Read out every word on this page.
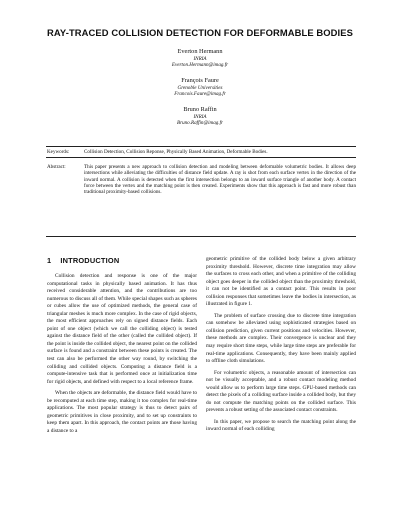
RAY-TRACED COLLISION DETECTION FOR DEFORMABLE BODIES
Everton Hermann
INRIA
Everton.Hermann@imag.fr
François Faure
Grenoble Universities
Francois.Faure@imag.fr
Bruno Raffin
INRIA
Bruno.Raffin@imag.fr
Keywords:	Collision Detection, Collision Reponse, Physically Based Animation, Deformable Bodies.
Abstract:	This paper presents a new approach to collision detection and modeling between deformable volumetric bodies. It allows deep intersections while alleviating the difficulties of distance field update. A ray is shot from each surface vertex in the direction of the inward normal. A collision is detected when the first intersection belongs to an inward surface triangle of another body. A contact force between the vertex and the matching point is then created. Experiments show that this approach is fast and more robust than traditional proximity-based collisions.
1 INTRODUCTION

Collision detection and response is one of the major computational tasks in physically based animation. It has thus received considerable attention, and the contributions are too numerous to discuss all of them. While special shapes such as spheres or cubes allow the use of optimized methods, the general case of triangular meshes is much more complex. In the case of rigid objects, the most efficient approaches rely on signed distance fields. Each point of one object (which we call the colliding object) is tested against the distance field of the other (called the collided object). If the point is inside the collided object, the nearest point on the collided surface is found and a constraint between these points is created. The test can also be performed the other way round, by switching the colliding and collided objects. Computing a distance field is a compute-intensive task that is performed once at initialization time for rigid objects, and defined with respect to a local reference frame.

When the objects are deformable, the distance field would have to be recomputed at each time step, making it too complex for real-time applications. The most popular strategy is thus to detect pairs of geometric primitives in close proximity, and to set up constraints to keep them apart. In this approach, the contact points are those having a distance to a

geometric primitive of the collided body below a given arbitrary proximity threshold. However, discrete time integration may allow the surfaces to cross each other, and when a primitive of the colliding object goes deeper in the collided object than the proximity threshold, it can not be identified as a contact point. This results in poor collision responses that sometimes leave the bodies in intersection, as illustrated in figure 1.

The problem of surface crossing due to discrete time integration can somehow be alleviated using sophisticated strategies based on collision prediction, given current positions and velocities. However, these methods are complex. Their convergence is unclear and they may require short time steps, while large time steps are preferable for real-time applications. Consequently, they have been mainly applied to offline cloth simulations.

For volumetric objects, a reasonable amount of intersection can not be visually acceptable, and a robust contact modeling method would allow us to perform large time steps. GPU-based methods can detect the pixels of a colliding surface inside a collided body, but they do not compute the matching points on the collided surface. This prevents a robust setting of the associated contact constraints.

In this paper, we propose to search the matching point along the inward normal of each colliding
